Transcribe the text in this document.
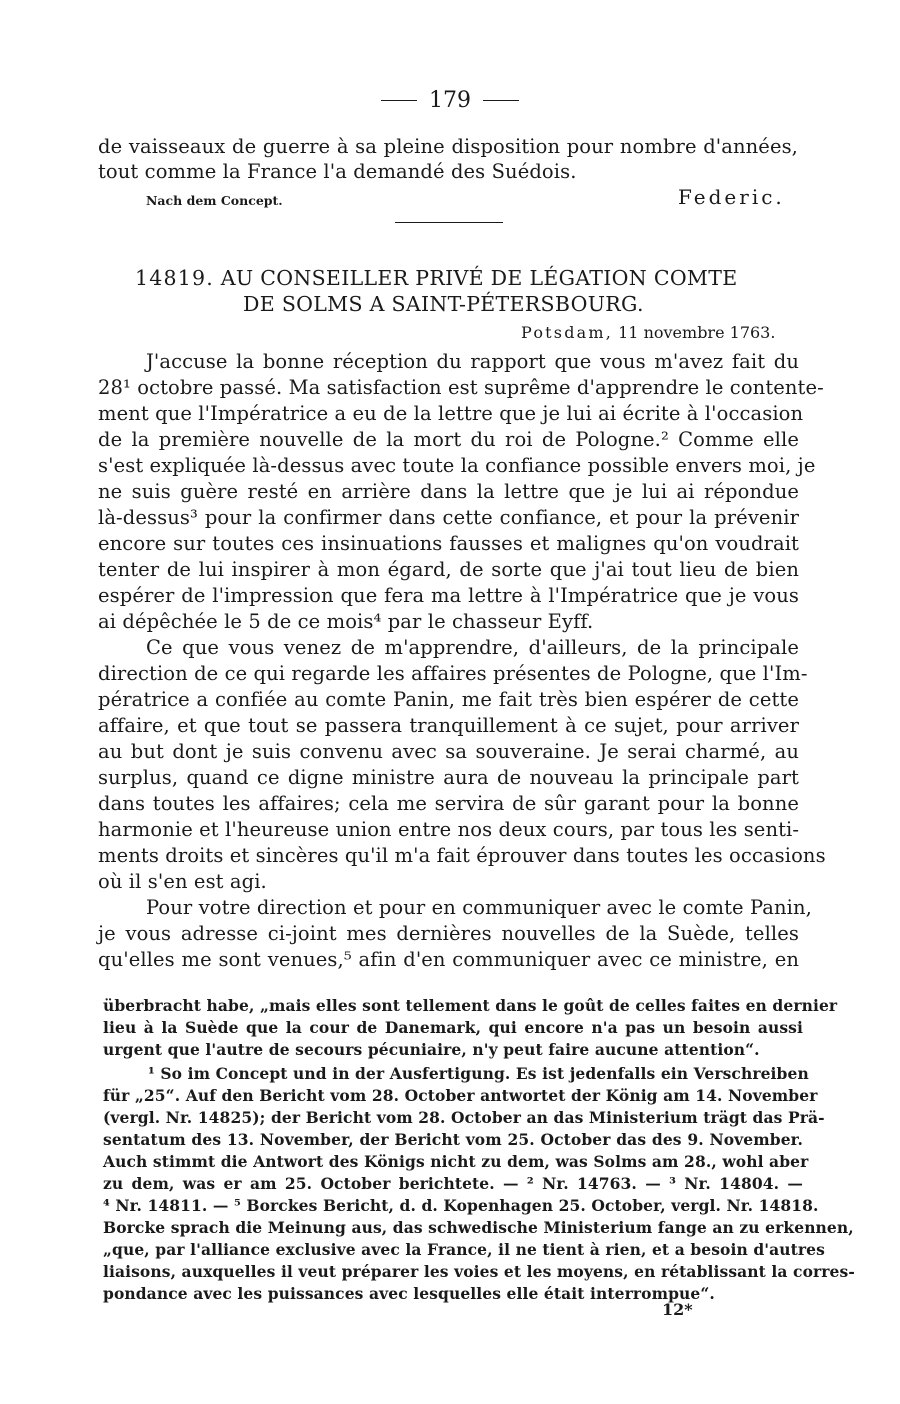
179
de vaisseaux de guerre à sa pleine disposition pour nombre d'années,
tout comme la France l'a demandé des Suédois.
Nach dem Concept.	Federic.
14819. AU CONSEILLER PRIVÉ DE LÉGATION COMTE
DE SOLMS A SAINT-PÉTERSBOURG.
Potsdam, 11 novembre 1763.
J'accuse la bonne réception du rapport que vous m'avez fait du
28¹ octobre passé. Ma satisfaction est suprême d'apprendre le contente-
ment que l'Impératrice a eu de la lettre que je lui ai écrite à l'occasion
de la première nouvelle de la mort du roi de Pologne.² Comme elle
s'est expliquée là-dessus avec toute la confiance possible envers moi, je
ne suis guère resté en arrière dans la lettre que je lui ai répondue
là-dessus³ pour la confirmer dans cette confiance, et pour la prévenir
encore sur toutes ces insinuations fausses et malignes qu'on voudrait
tenter de lui inspirer à mon égard, de sorte que j'ai tout lieu de bien
espérer de l'impression que fera ma lettre à l'Impératrice que je vous
ai dépêchée le 5 de ce mois⁴ par le chasseur Eyff.
Ce que vous venez de m'apprendre, d'ailleurs, de la principale
direction de ce qui regarde les affaires présentes de Pologne, que l'Im-
pératrice a confiée au comte Panin, me fait très bien espérer de cette
affaire, et que tout se passera tranquillement à ce sujet, pour arriver
au but dont je suis convenu avec sa souveraine. Je serai charmé, au
surplus, quand ce digne ministre aura de nouveau la principale part
dans toutes les affaires; cela me servira de sûr garant pour la bonne
harmonie et l'heureuse union entre nos deux cours, par tous les senti-
ments droits et sincères qu'il m'a fait éprouver dans toutes les occasions
où il s'en est agi.
Pour votre direction et pour en communiquer avec le comte Panin,
je vous adresse ci-joint mes dernières nouvelles de la Suède, telles
qu'elles me sont venues,⁵ afin d'en communiquer avec ce ministre, en
überbracht habe, „mais elles sont tellement dans le goût de celles faites en dernier
lieu à la Suède que la cour de Danemark, qui encore n'a pas un besoin aussi
urgent que l'autre de secours pécuniaire, n'y peut faire aucune attention“.
¹ So im Concept und in der Ausfertigung. Es ist jedenfalls ein Verschreiben
für „25“. Auf den Bericht vom 28. October antwortet der König am 14. November
(vergl. Nr. 14825); der Bericht vom 28. October an das Ministerium trägt das Prä-
sentatum des 13. November, der Bericht vom 25. October das des 9. November.
Auch stimmt die Antwort des Königs nicht zu dem, was Solms am 28., wohl aber
zu dem, was er am 25. October berichtete. — ² Nr. 14763. — ³ Nr. 14804. —
⁴ Nr. 14811. — ⁵ Borckes Bericht, d. d. Kopenhagen 25. October, vergl. Nr. 14818.
Borcke sprach die Meinung aus, das schwedische Ministerium fange an zu erkennen,
„que, par l'alliance exclusive avec la France, il ne tient à rien, et a besoin d'autres
liaisons, auxquelles il veut préparer les voies et les moyens, en rétablissant la corres-
pondance avec les puissances avec lesquelles elle était interrompue“.
12*
